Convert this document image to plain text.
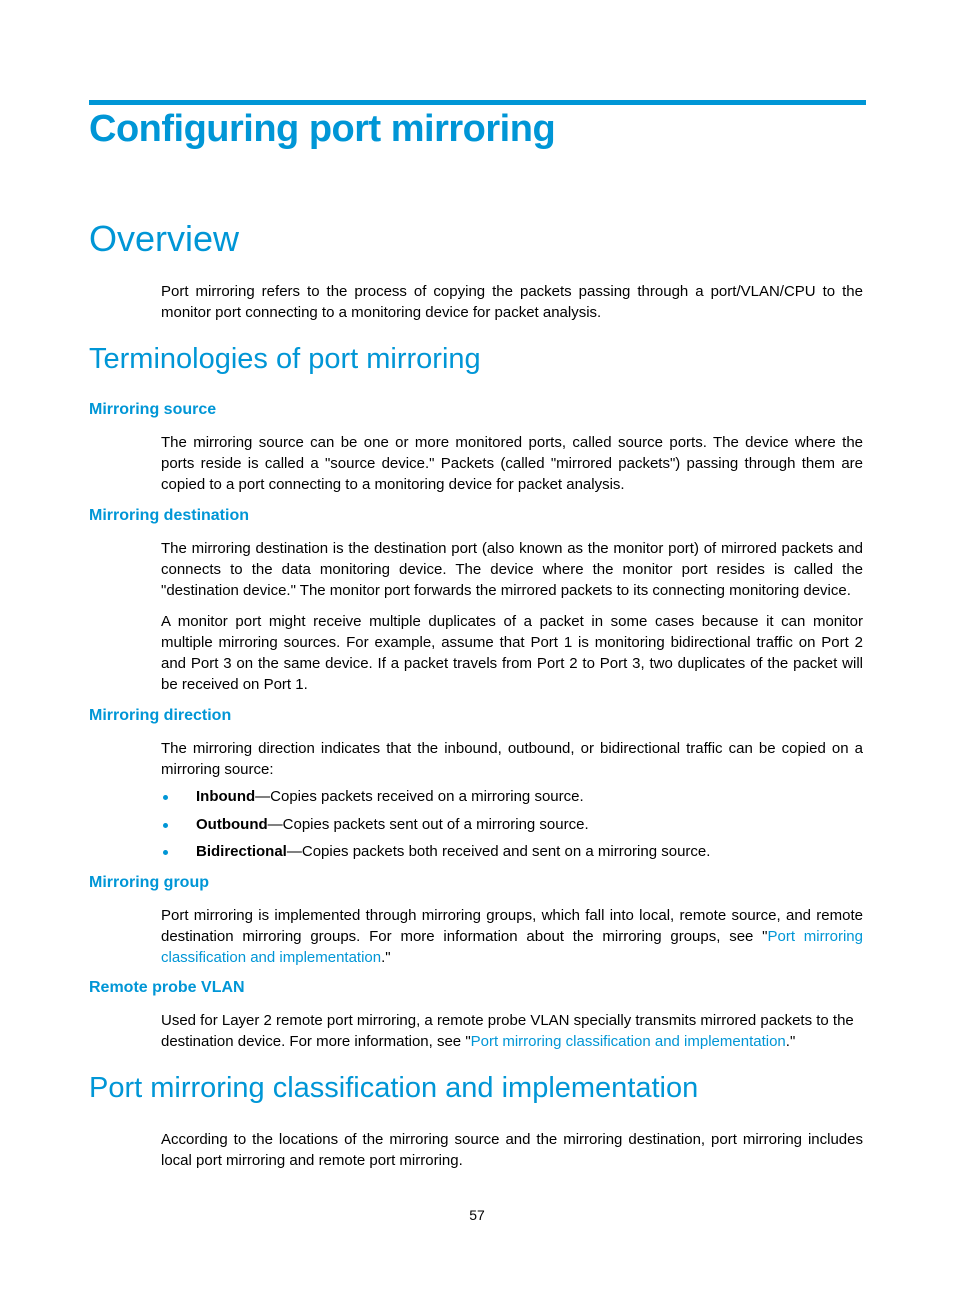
Configuring port mirroring
Overview

Port mirroring refers to the process of copying the packets passing through a port/VLAN/CPU to the monitor port connecting to a monitoring device for packet analysis.

Terminologies of port mirroring
Mirroring source

The mirroring source can be one or more monitored ports, called source ports. The device where the ports reside is called a "source device." Packets (called "mirrored packets") passing through them are copied to a port connecting to a monitoring device for packet analysis.

Mirroring destination

The mirroring destination is the destination port (also known as the monitor port) of mirrored packets and connects to the data monitoring device. The device where the monitor port resides is called the "destination device." The monitor port forwards the mirrored packets to its connecting monitoring device.

A monitor port might receive multiple duplicates of a packet in some cases because it can monitor multiple mirroring sources. For example, assume that Port 1 is monitoring bidirectional traffic on Port 2 and Port 3 on the same device. If a packet travels from Port 2 to Port 3, two duplicates of the packet will be received on Port 1.

Mirroring direction

The mirroring direction indicates that the inbound, outbound, or bidirectional traffic can be copied on a mirroring source:

Inbound—Copies packets received on a mirroring source.
Outbound—Copies packets sent out of a mirroring source.
Bidirectional—Copies packets both received and sent on a mirroring source.
Mirroring group

Port mirroring is implemented through mirroring groups, which fall into local, remote source, and remote destination mirroring groups. For more information about the mirroring groups, see "Port mirroring classification and implementation."

Remote probe VLAN

Used for Layer 2 remote port mirroring, a remote probe VLAN specially transmits mirrored packets to the destination device. For more information, see "Port mirroring classification and implementation."

Port mirroring classification and implementation

According to the locations of the mirroring source and the mirroring destination, port mirroring includes local port mirroring and remote port mirroring.

57
